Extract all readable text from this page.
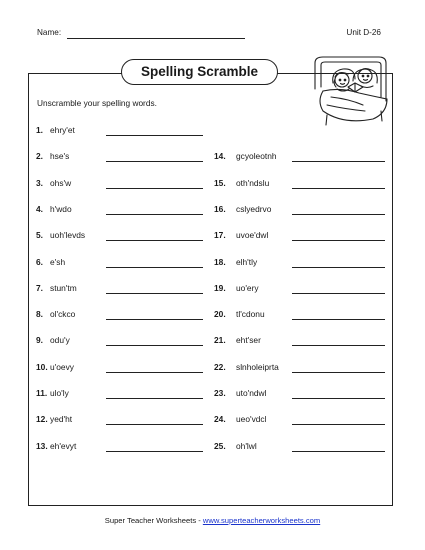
Name:	Unit D-26
Spelling Scramble
Unscramble your spelling words.
1. ehry'et
2. hse's
3. ohs'w
4. h'wdo
5. uoh'levds
6. e'sh
7. stun'tm
8. ol'ckco
9. odu'y
10. u'oevy
11. ulo'ly
12. yed'ht
13. eh'evyt
14. gcyoleotnh
15. oth'ndslu
16. cslyedrvo
17. uvoe'dwl
18. elh'tly
19. uo'ery
20. tl'cdonu
21. eht'ser
22. slnholeiprta
23. uto'ndwl
24. ueo'vdcl
25. oh'lwl
Super Teacher Worksheets - www.superteacherworksheets.com
